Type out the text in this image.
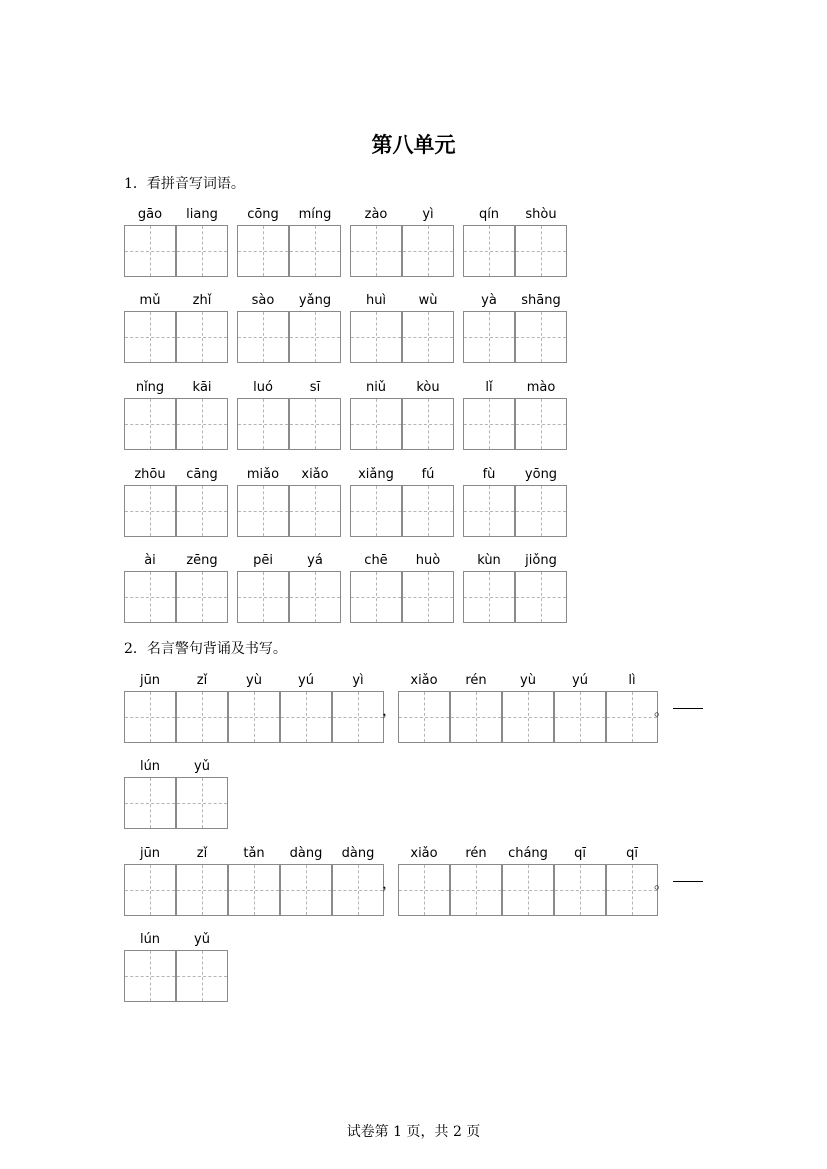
第八单元
1．看拼音写词语。
gāo	liang	cōng	míng	zào	yì	qín	shòu
mǔ	zhǐ	sào	yǎng	huì	wù	yà	shāng
nǐng	kāi	luó	sī	niǔ	kòu	lǐ	mào
zhōu	cāng	miǎo	xiǎo	xiǎng	fú	fù	yōng
ài	zēng	pēi	yá	chē	huò	kùn	jiǒng
2．名言警句背诵及书写。
jūn	zǐ	yù	yú	yì
，
xiǎo	rén	yù	yú	lì
。
lún	yǔ
jūn	zǐ	tǎn	dàng	dàng
，
xiǎo	rén	cháng	qī	qī
。
lún	yǔ
试卷第 1 页，共 2 页
